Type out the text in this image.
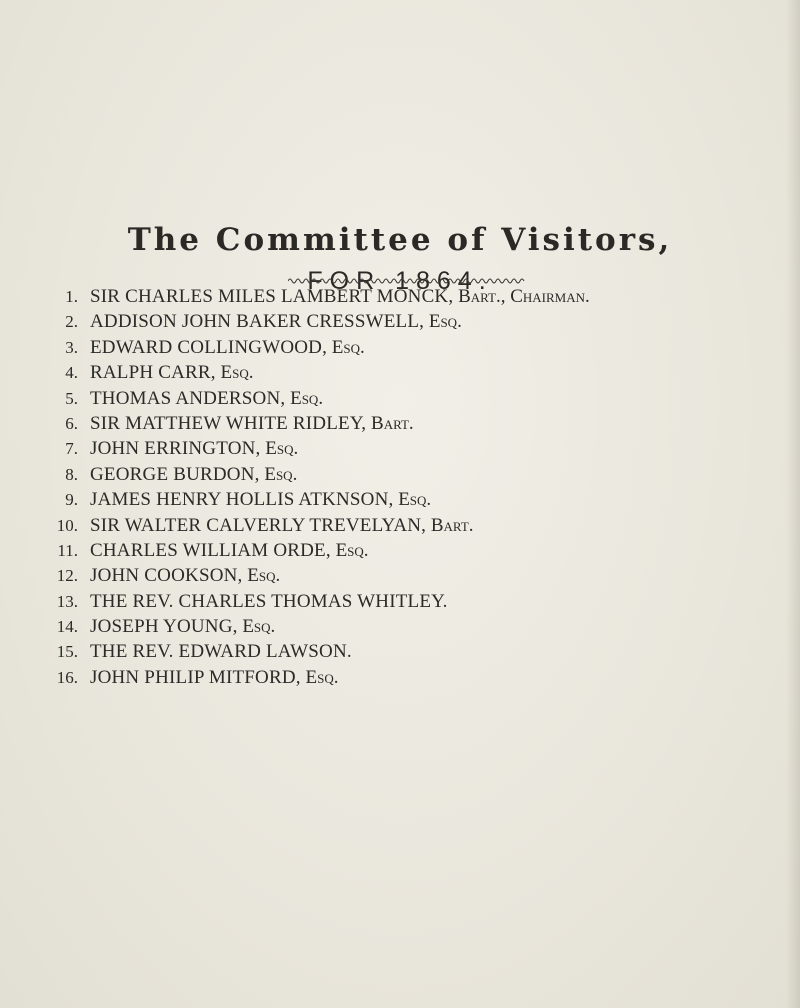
The Committee of Visitors,
FOR 1864.
1. SIR CHARLES MILES LAMBERT MONCK, Bart., Chairman.
2. ADDISON JOHN BAKER CRESSWELL, Esq.
3. EDWARD COLLINGWOOD, Esq.
4. RALPH CARR, Esq.
5. THOMAS ANDERSON, Esq.
6. SIR MATTHEW WHITE RIDLEY, Bart.
7. JOHN ERRINGTON, Esq.
8. GEORGE BURDON, Esq.
9. JAMES HENRY HOLLIS ATKNSON, Esq.
10. SIR WALTER CALVERLY TREVELYAN, Bart.
11. CHARLES WILLIAM ORDE, Esq.
12. JOHN COOKSON, Esq.
13. THE REV. CHARLES THOMAS WHITLEY.
14. JOSEPH YOUNG, Esq.
15. THE REV. EDWARD LAWSON.
16. JOHN PHILIP MITFORD, Esq.
